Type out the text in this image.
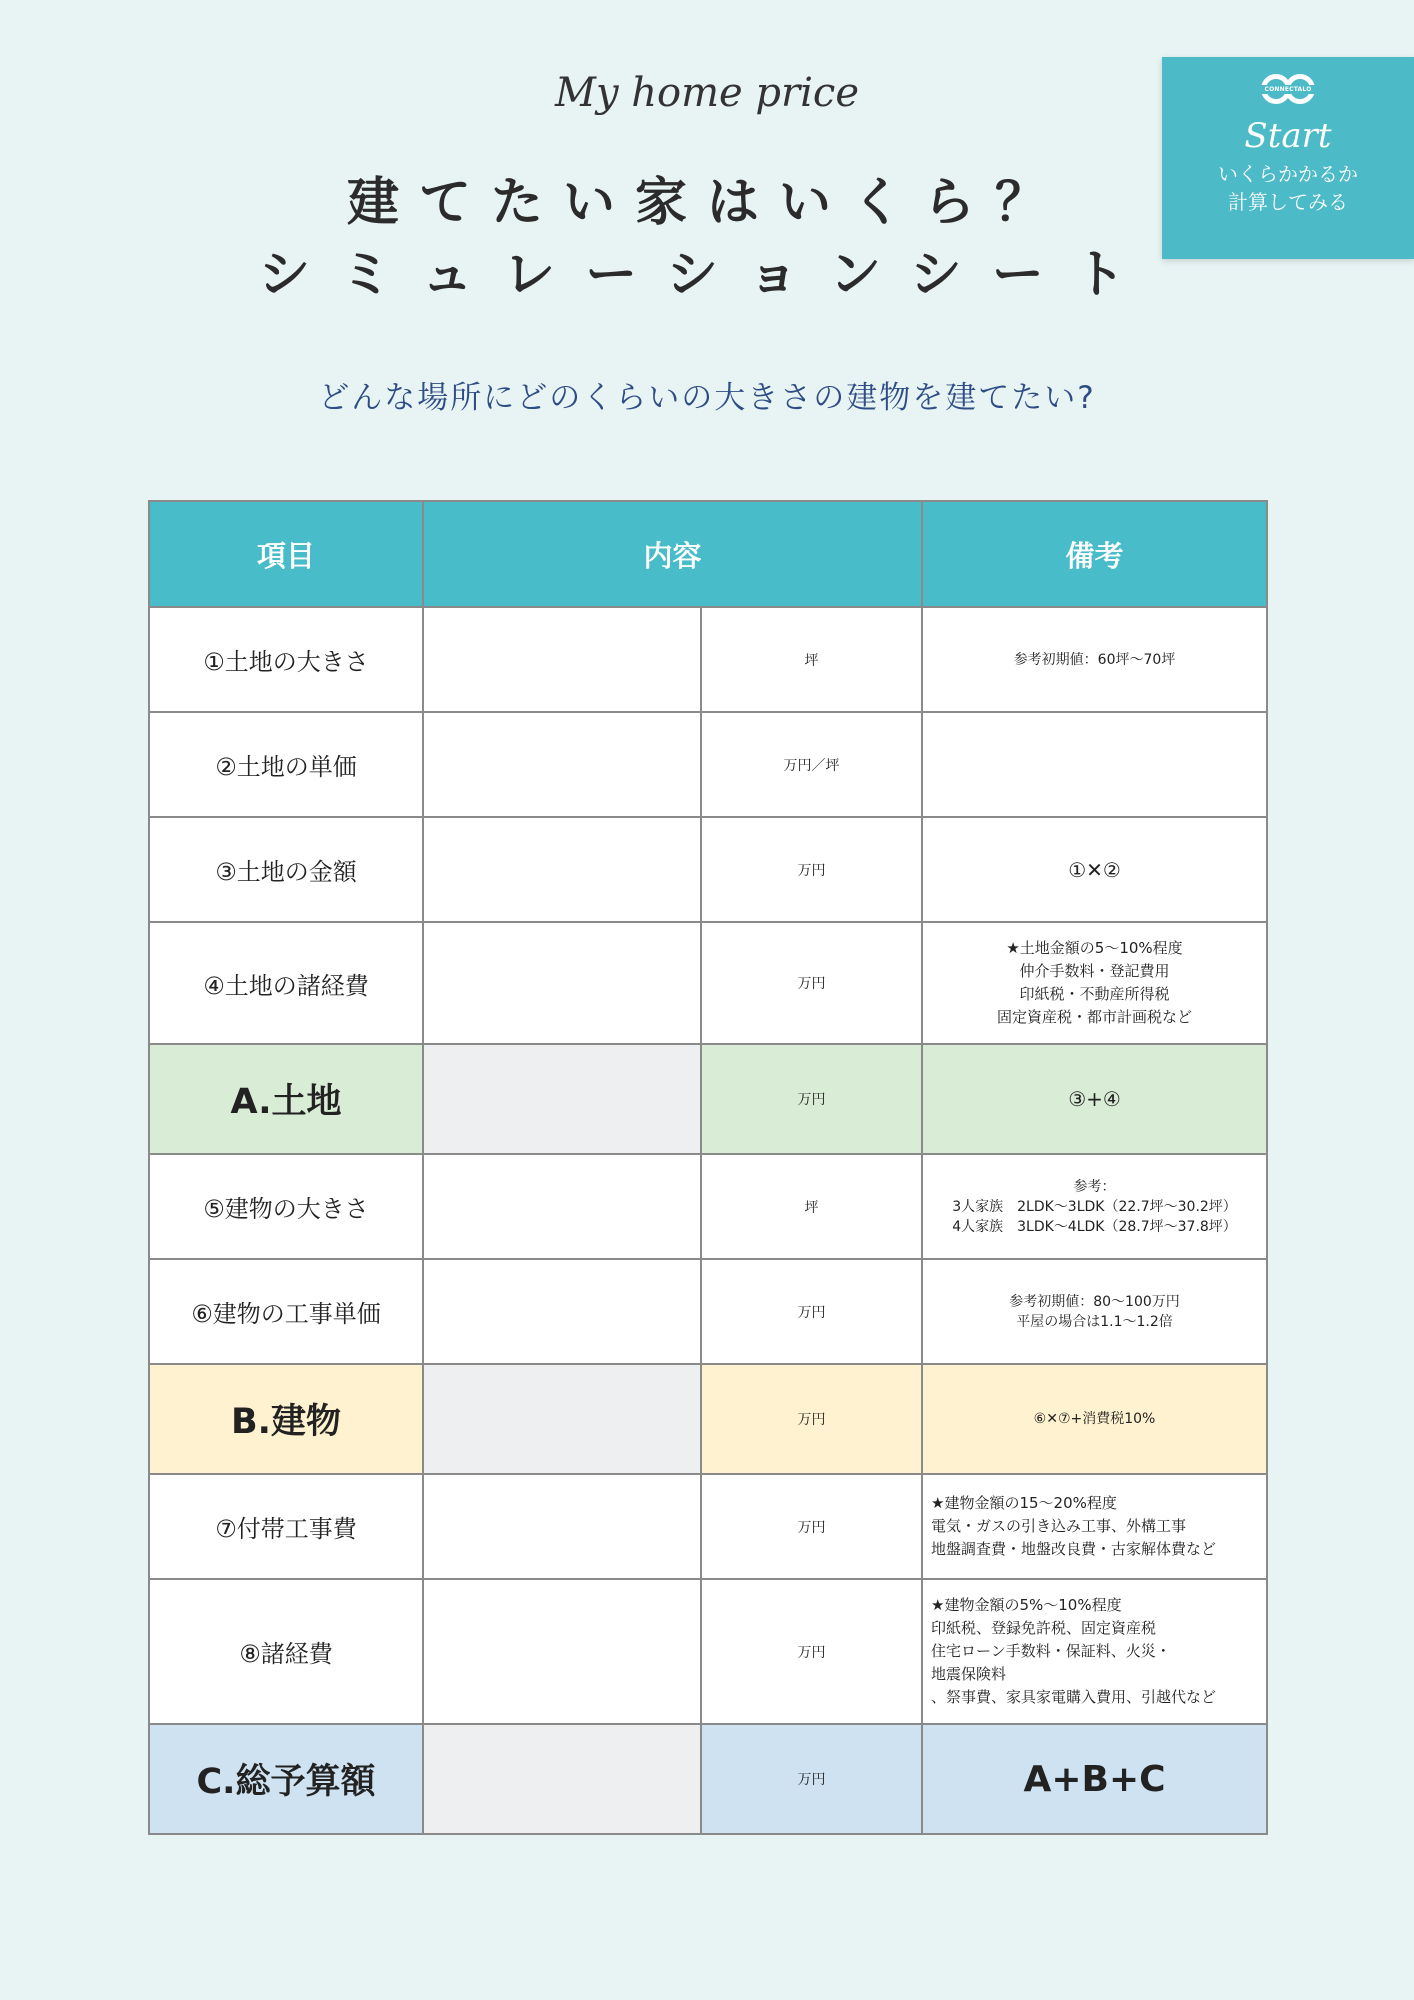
My home price
建てたい家はいくら？
シミュレーションシート
どんな場所にどのくらいの大きさの建物を建てたい?
CONNECTALO
Start
いくらかかるか
計算してみる
項目	内容		備考
①土地の大きさ		坪	参考初期値：60坪〜70坪
②土地の単価		万円／坪	
③土地の金額		万円	①✕②
④土地の諸経費		万円	★土地金額の5〜10%程度
仲介手数料・登記費用
印紙税・不動産所得税
固定資産税・都市計画税など

A.土地		万円	③+④
⑤建物の大きさ		坪	参考：
3人家族　2LDK〜3LDK（22.7坪〜30.2坪）
4人家族　3LDK〜4LDK（28.7坪〜37.8坪）

⑥建物の工事単価		万円	参考初期値：80〜100万円
平屋の場合は1.1〜1.2倍

B.建物		万円	⑥✕⑦+消費税10%
⑦付帯工事費		万円	★建物金額の15〜20%程度
電気・ガスの引き込み工事、外構工事
地盤調査費・地盤改良費・古家解体費など

⑧諸経費		万円	★建物金額の5%〜10%程度
印紙税、登録免許税、固定資産税
住宅ローン手数料・保証料、火災・
地震保険料
、祭事費、家具家電購入費用、引越代など

C.総予算額		万円	A+B+C
